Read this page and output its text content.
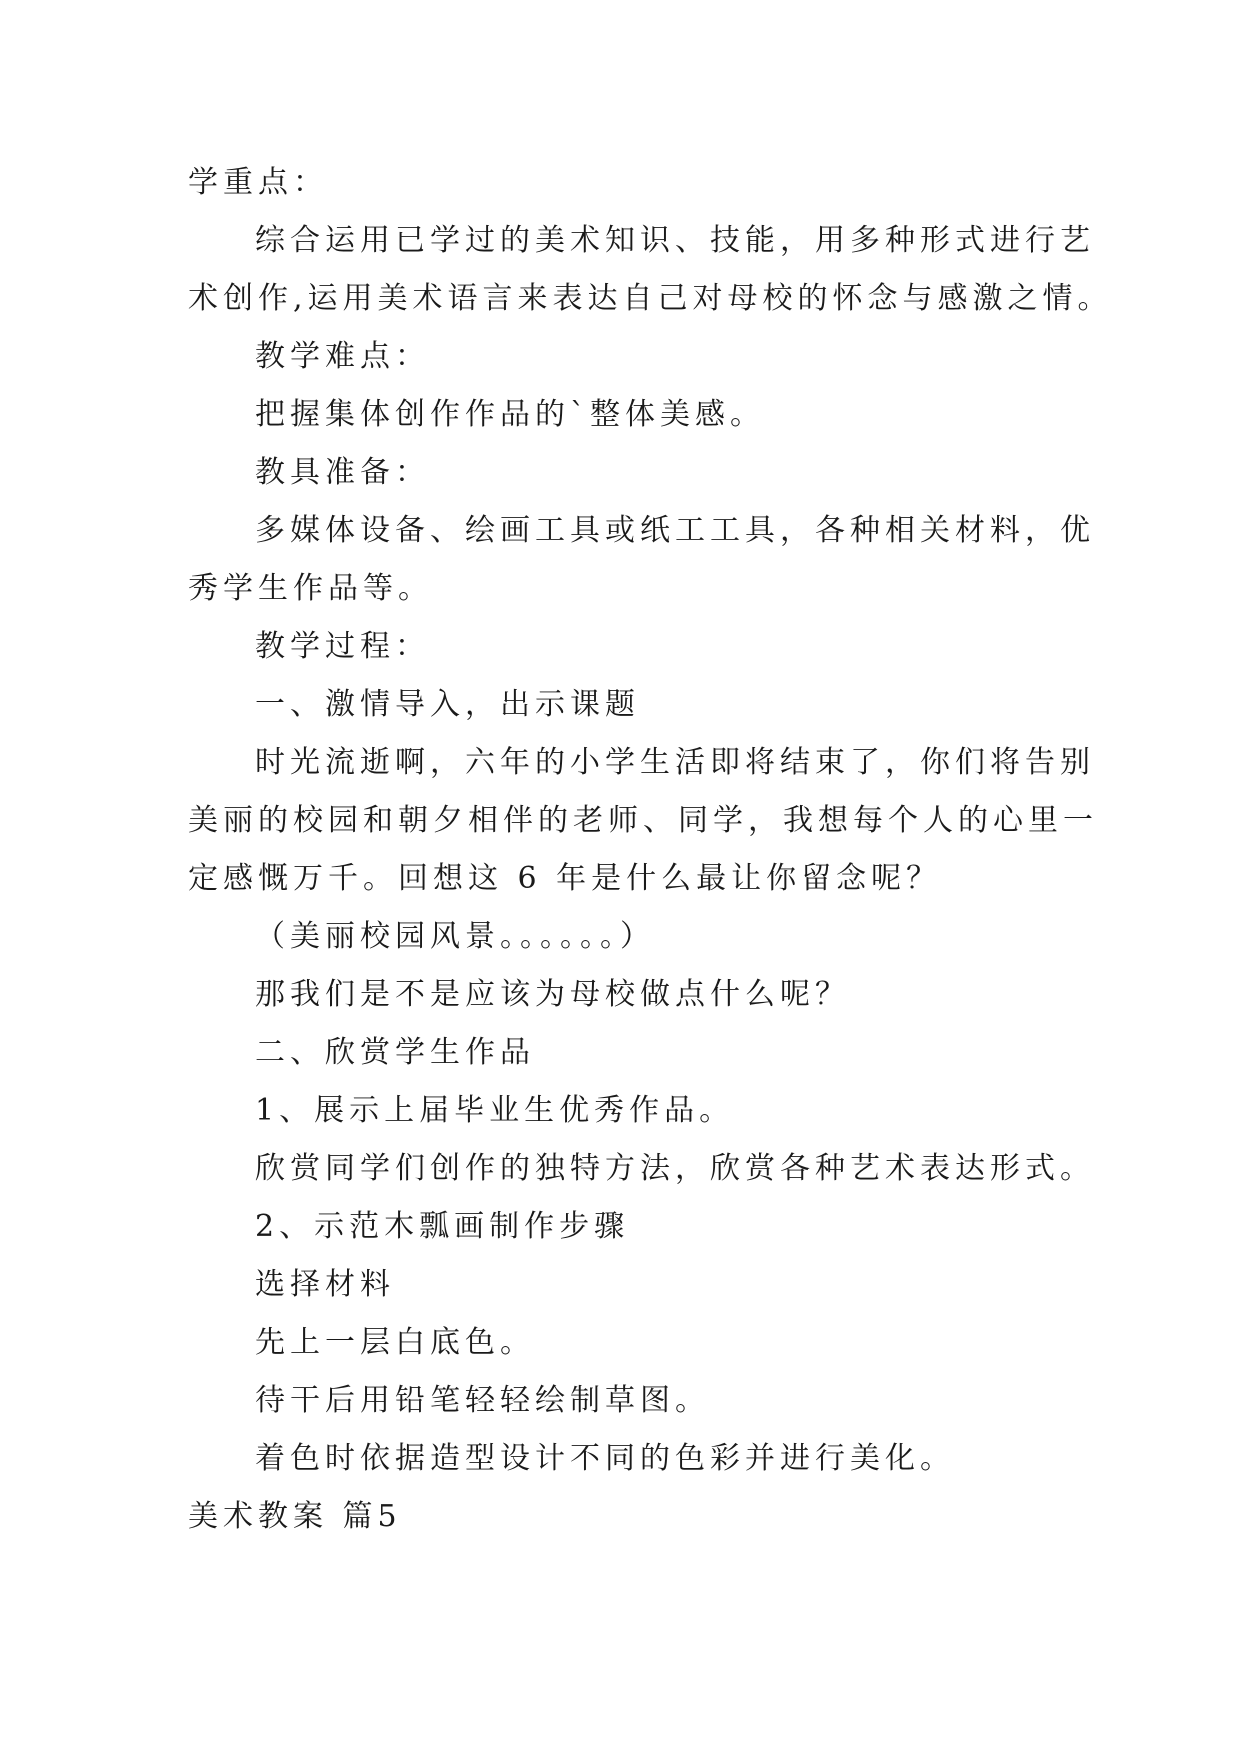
学重点：
综合运用已学过的美术知识、技能，用多种形式进行艺
术创作,运用美术语言来表达自己对母校的怀念与感激之情。
教学难点：
把握集体创作作品的`整体美感。
教具准备：
多媒体设备、绘画工具或纸工工具，各种相关材料，优
秀学生作品等。
教学过程：
一、激情导入，出示课题
时光流逝啊，六年的小学生活即将结束了，你们将告别
美丽的校园和朝夕相伴的老师、同学，我想每个人的心里一
定感慨万千。回想这 6 年是什么最让你留念呢？
（美丽校园风景。。。。。。）
那我们是不是应该为母校做点什么呢？
二、欣赏学生作品
1、展示上届毕业生优秀作品。
欣赏同学们创作的独特方法，欣赏各种艺术表达形式。
2、示范木瓢画制作步骤
选择材料
先上一层白底色。
待干后用铅笔轻轻绘制草图。
着色时依据造型设计不同的色彩并进行美化。
美术教案 篇5
